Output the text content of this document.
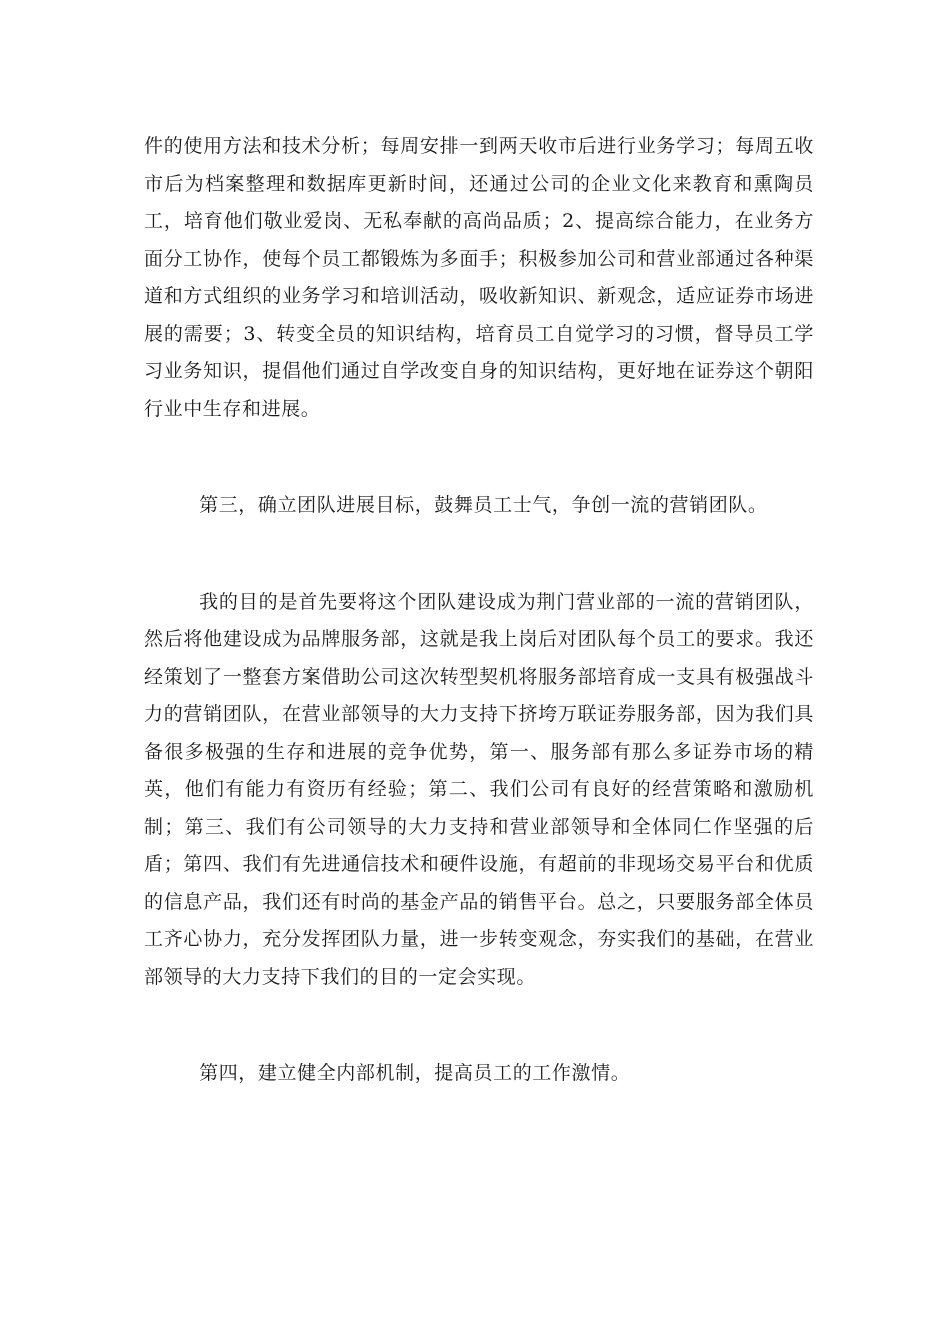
件的使用方法和技术分析；每周安排一到两天收市后进行业务学习；每周五收市后为档案整理和数据库更新时间，还通过公司的企业文化来教育和熏陶员工，培育他们敬业爱岗、无私奉献的高尚品质；2、提高综合能力，在业务方面分工协作，使每个员工都锻炼为多面手；积极参加公司和营业部通过各种渠道和方式组织的业务学习和培训活动，吸收新知识、新观念，适应证券市场进展的需要；3、转变全员的知识结构，培育员工自觉学习的习惯，督导员工学习业务知识，提倡他们通过自学改变自身的知识结构，更好地在证券这个朝阳行业中生存和进展。

第三，确立团队进展目标，鼓舞员工士气，争创一流的营销团队。

我的目的是首先要将这个团队建设成为荆门营业部的一流的营销团队，然后将他建设成为品牌服务部，这就是我上岗后对团队每个员工的要求。我还经策划了一整套方案借助公司这次转型契机将服务部培育成一支具有极强战斗力的营销团队，在营业部领导的大力支持下挤垮万联证券服务部，因为我们具备很多极强的生存和进展的竞争优势，第一、服务部有那么多证券市场的精英，他们有能力有资历有经验；第二、我们公司有良好的经营策略和激励机制；第三、我们有公司领导的大力支持和营业部领导和全体同仁作坚强的后盾；第四、我们有先进通信技术和硬件设施，有超前的非现场交易平台和优质的信息产品，我们还有时尚的基金产品的销售平台。总之，只要服务部全体员工齐心协力，充分发挥团队力量，进一步转变观念，夯实我们的基础，在营业部领导的大力支持下我们的目的一定会实现。

第四，建立健全内部机制，提高员工的工作激情。
